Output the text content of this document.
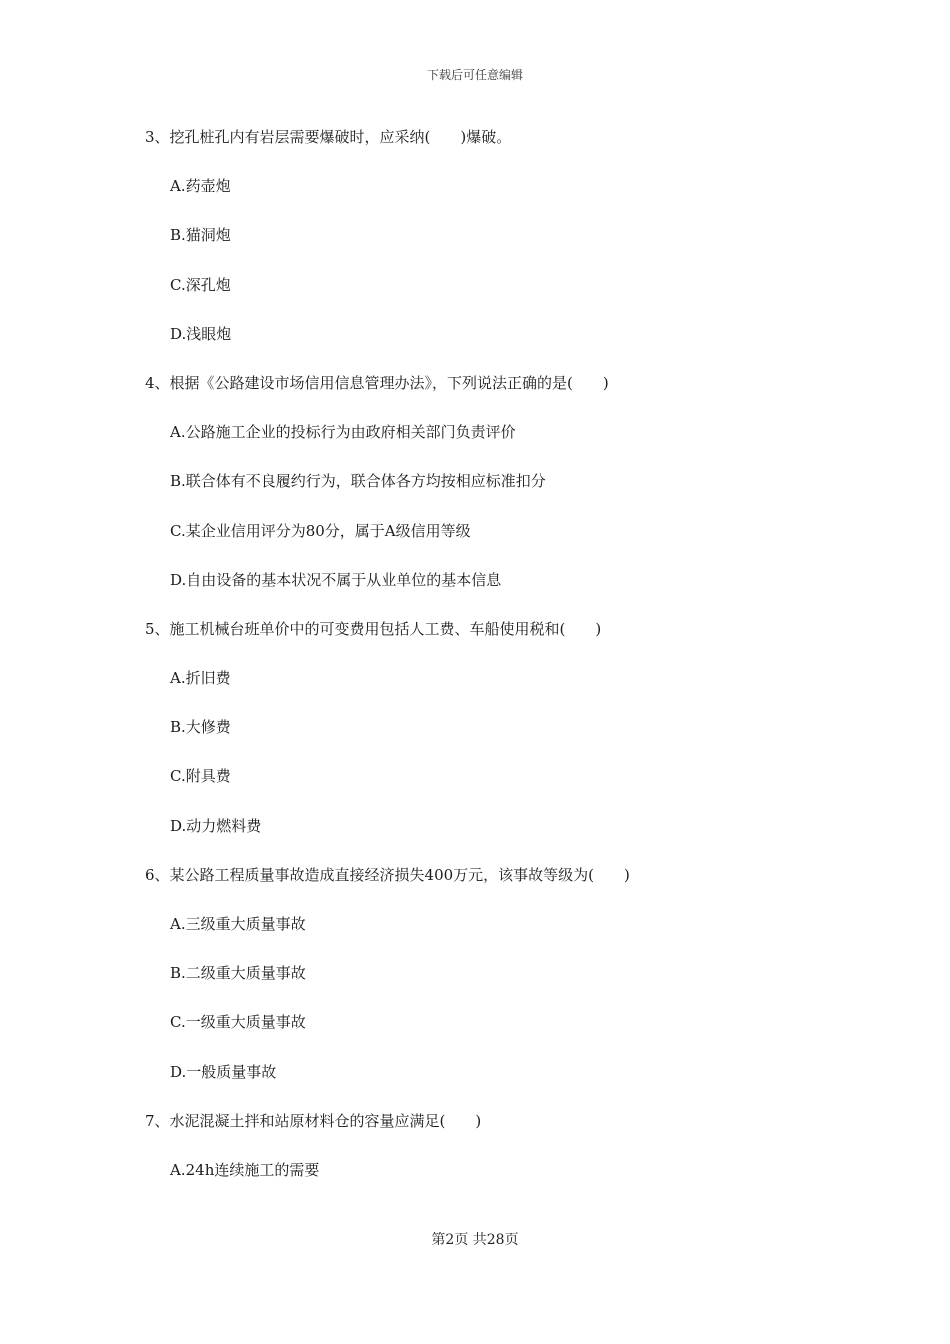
下载后可任意编辑
3、挖孔桩孔内有岩层需要爆破时，应采纳(　　)爆破。
A.药壶炮
B.猫洞炮
C.深孔炮
D.浅眼炮
4、根据《公路建设市场信用信息管理办法》，下列说法正确的是(　　)
A.公路施工企业的投标行为由政府相关部门负责评价
B.联合体有不良履约行为，联合体各方均按相应标准扣分
C.某企业信用评分为80分，属于A级信用等级
D.自由设备的基本状况不属于从业单位的基本信息
5、施工机械台班单价中的可变费用包括人工费、车船使用税和(　　)
A.折旧费
B.大修费
C.附具费
D.动力燃料费
6、某公路工程质量事故造成直接经济损失400万元，该事故等级为(　　)
A.三级重大质量事故
B.二级重大质量事故
C.一级重大质量事故
D.一般质量事故
7、水泥混凝土拌和站原材料仓的容量应满足(　　)
A.24h连续施工的需要
第2页 共28页
